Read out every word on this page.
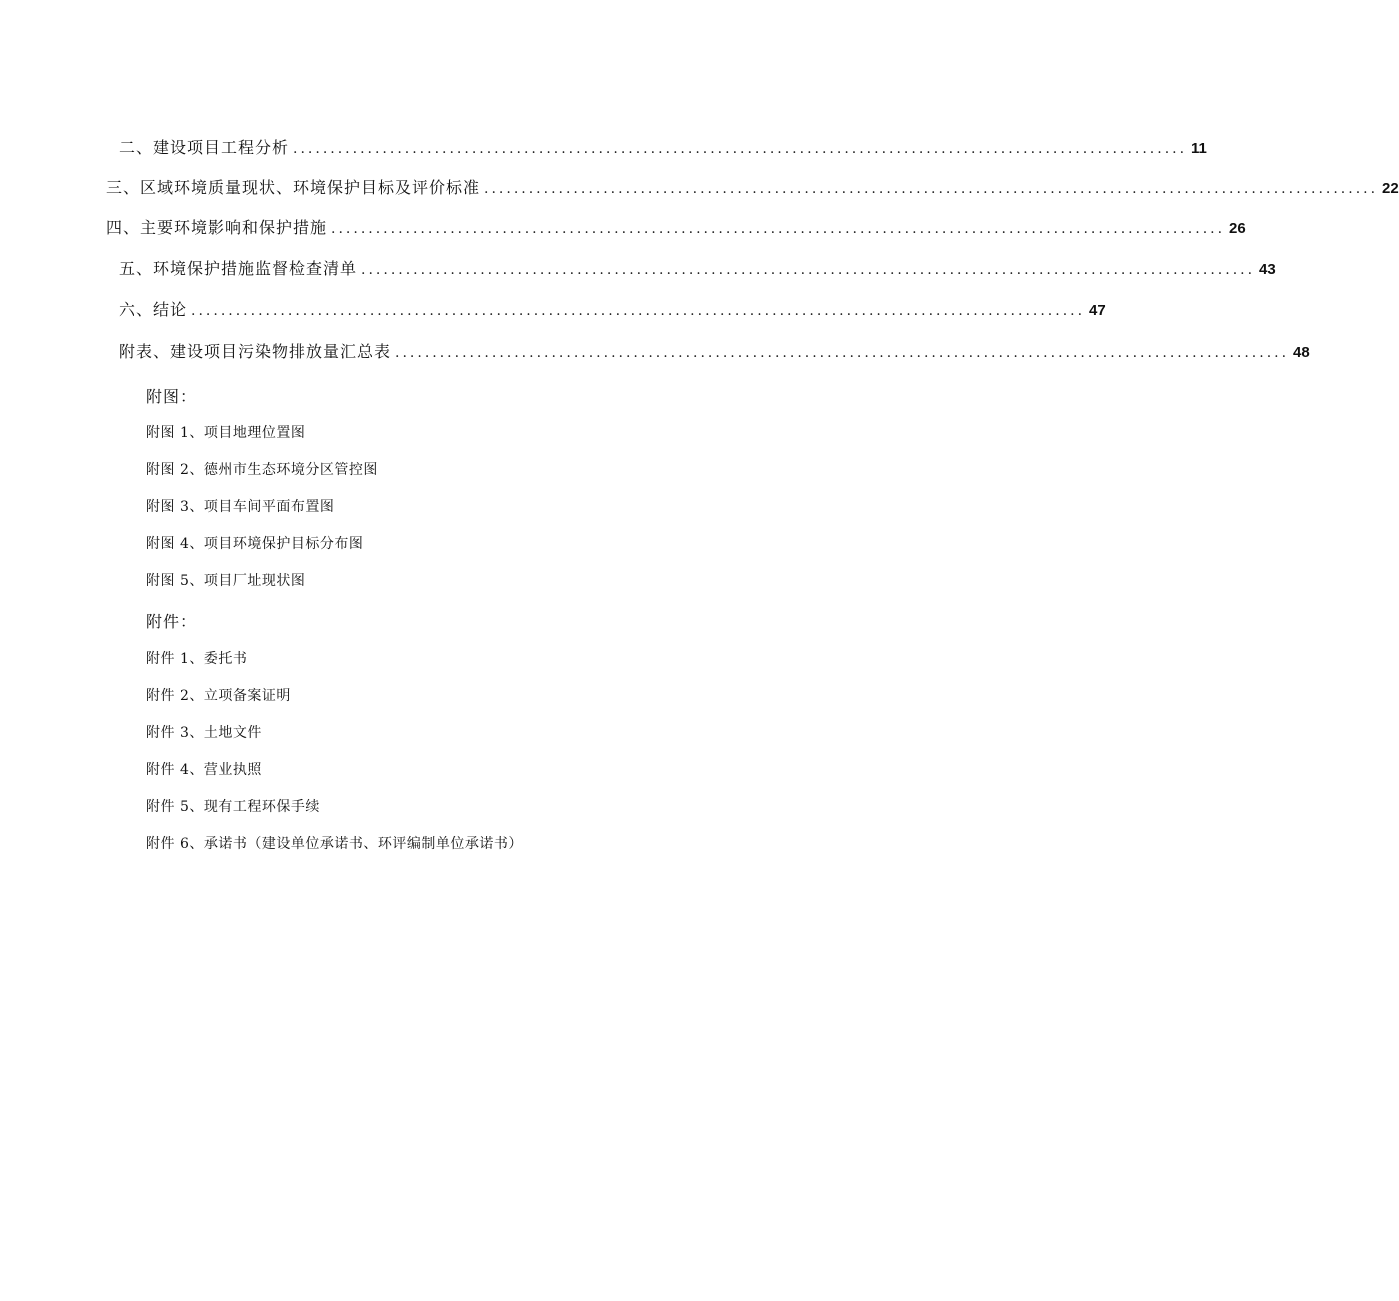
二、建设项目工程分析 ........................................................................................................................ 11
三、区域环境质量现状、环境保护目标及评价标准 ........................................................................................................................ 22
四、主要环境影响和保护措施 ........................................................................................................................ 26
五、环境保护措施监督检查清单 ........................................................................................................................ 43
六、结论 ........................................................................................................................ 47
附表、建设项目污染物排放量汇总表 ........................................................................................................................ 48
附图：
附图 1、项目地理位置图
附图 2、德州市生态环境分区管控图
附图 3、项目车间平面布置图
附图 4、项目环境保护目标分布图
附图 5、项目厂址现状图
附件：
附件 1、委托书
附件 2、立项备案证明
附件 3、土地文件
附件 4、营业执照
附件 5、现有工程环保手续
附件 6、承诺书（建设单位承诺书、环评编制单位承诺书）
